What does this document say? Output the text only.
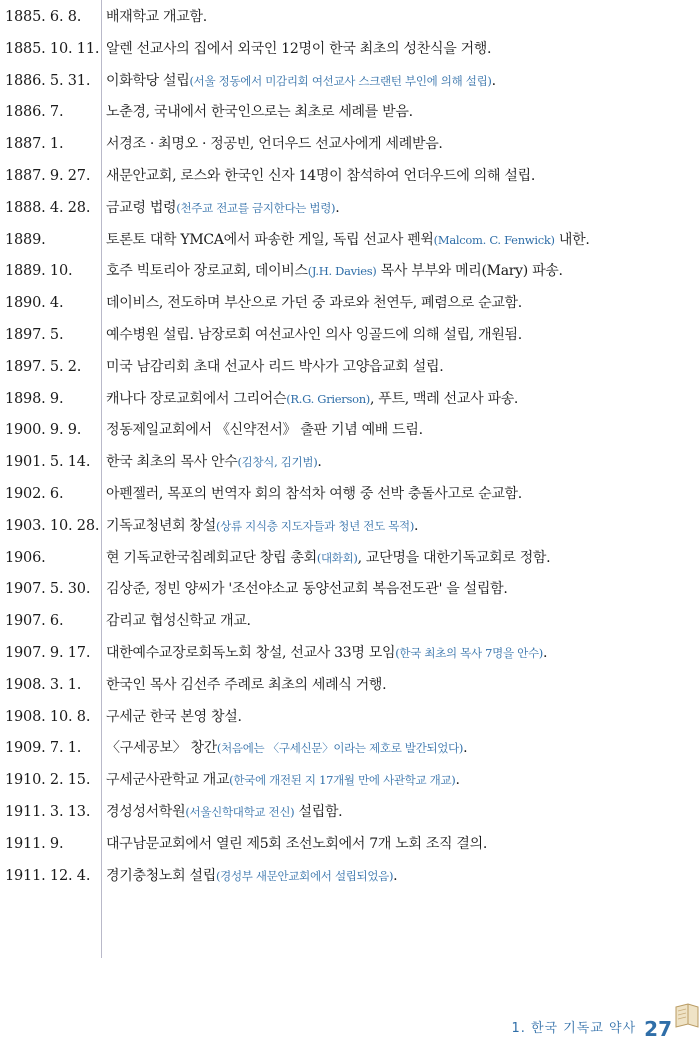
1885. 6. 8. 배재학교 개교함.
1885. 10. 11. 알렌 선교사의 집에서 외국인 12명이 한국 최초의 성찬식을 거행.
1886. 5. 31. 이화학당 설립(서울 정동에서 미감리회 여선교사 스크랜턴 부인에 의해 설립).
1886. 7.	노춘경, 국내에서 한국인으로는 최초로 세례를 받음.
1887. 1.	서경조 · 최명오 · 정공빈, 언더우드 선교사에게 세례받음.
1887. 9. 27. 새문안교회, 로스와 한국인 신자 14명이 참석하여 언더우드에 의해 설립.
1888. 4. 28. 금교령 법령(천주교 전교를 금지한다는 법령).
1889.	토론토 대학 YMCA에서 파송한 게일, 독립 선교사 펜윅(Malcom. C. Fenwick) 내한.
1889. 10. 호주 빅토리아 장로교회, 데이비스(J.H. Davies) 목사 부부와 메리(Mary) 파송.
1890. 4.	데이비스, 전도하며 부산으로 가던 중 과로와 천연두, 폐렴으로 순교함.
1897. 5.	예수병원 설립. 남장로회 여선교사인 의사 잉골드에 의해 설립, 개원됨.
1897. 5. 2. 미국 남감리회 초대 선교사 리드 박사가 고양읍교회 설립.
1898. 9.	캐나다 장로교회에서 그리어슨(R.G. Grierson), 푸트, 맥레 선교사 파송.
1900. 9. 9. 정동제일교회에서 《신약전서》 출판 기념 예배 드림.
1901. 5. 14. 한국 최초의 목사 안수(김창식, 김기범).
1902. 6.	아펜젤러, 목포의 번역자 회의 참석차 여행 중 선박 충돌사고로 순교함.
1903. 10. 28. 기독교청년회 창설(상류 지식층 지도자들과 청년 전도 목적).
1906.	현 기독교한국침례회교단 창립 총회(대화회), 교단명을 대한기독교회로 정함.
1907. 5. 30. 김상준, 정빈 양씨가 '조선야소교 동양선교회 복음전도관' 을 설립함.
1907. 6.	감리교 협성신학교 개교.
1907. 9. 17. 대한예수교장로회독노회 창설, 선교사 33명 모임(한국 최초의 목사 7명을 안수).
1908. 3. 1. 한국인 목사 김선주 주례로 최초의 세례식 거행.
1908. 10. 8. 구세군 한국 본영 창설.
1909. 7. 1. 〈구세공보〉 창간(처음에는 〈구세신문〉이라는 제호로 발간되었다).
1910. 2. 15. 구세군사관학교 개교(한국에 개전된 지 17개월 만에 사관학교 개교).
1911. 3. 13. 경성성서학원(서울신학대학교 전신) 설립함.
1911. 9.	대구남문교회에서 열린 제5회 조선노회에서 7개 노회 조직 결의.
1911. 12. 4. 경기충청노회 설립(경성부 새문안교회에서 설립되었음).
1. 한국 기독교 약사 27
